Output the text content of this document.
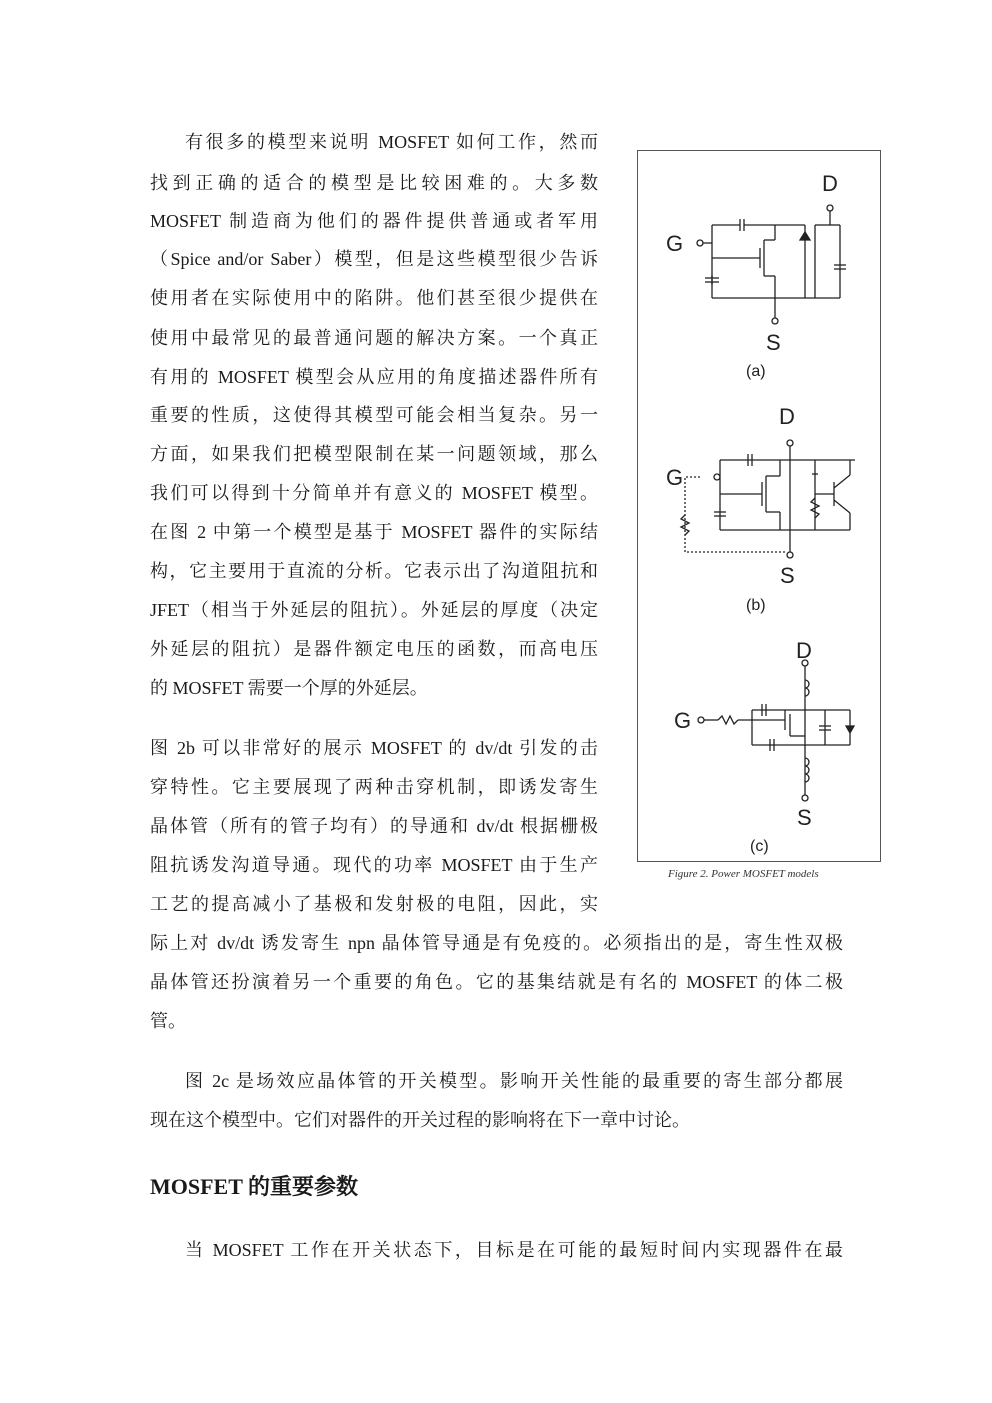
有很多的模型来说明 MOSFET 如何工作，然而
找到正确的适合的模型是比较困难的。大多数
MOSFET 制造商为他们的器件提供普通或者军用
（Spice and/or Saber）模型，但是这些模型很少告诉
使用者在实际使用中的陷阱。他们甚至很少提供在
使用中最常见的最普通问题的解决方案。一个真正
有用的 MOSFET 模型会从应用的角度描述器件所有
重要的性质，这使得其模型可能会相当复杂。另一
方面，如果我们把模型限制在某一问题领域，那么
我们可以得到十分简单并有意义的 MOSFET 模型。
在图 2 中第一个模型是基于 MOSFET 器件的实际结
构，它主要用于直流的分析。它表示出了沟道阻抗和
JFET（相当于外延层的阻抗）。外延层的厚度（决定
外延层的阻抗）是器件额定电压的函数，而高电压
的 MOSFET 需要一个厚的外延层。
图 2b 可以非常好的展示 MOSFET 的 dv/dt 引发的击
穿特性。它主要展现了两种击穿机制，即诱发寄生
晶体管（所有的管子均有）的导通和 dv/dt 根据栅极
阻抗诱发沟道导通。现代的功率 MOSFET 由于生产
工艺的提高减小了基极和发射极的电阻，因此，实
际上对 dv/dt 诱发寄生 npn 晶体管导通是有免疫的。必须指出的是，寄生性双极
晶体管还扮演着另一个重要的角色。它的基集结就是有名的 MOSFET 的体二极
管。
图 2c 是场效应晶体管的开关模型。影响开关性能的最重要的寄生部分都展
现在这个模型中。它们对器件的开关过程的影响将在下一章中讨论。
MOSFET 的重要参数
当 MOSFET 工作在开关状态下，目标是在可能的最短时间内实现器件在最
D
G
S
(a)
D
G
S
(b)
D
G
S
(c)
Figure 2. Power MOSFET models
